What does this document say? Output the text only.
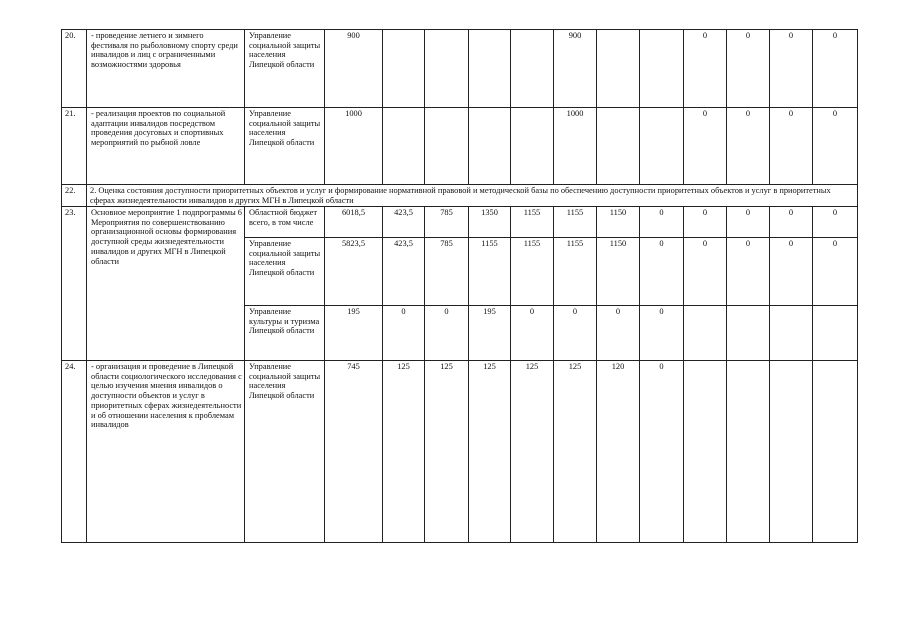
20.	- проведение летнего и зимнего фестиваля по рыболовному спорту среди инвалидов и лиц с ограниченными возможностями здоровья	Управление социальной защиты населения Липецкой области	900					900			0	0	0	0
21.	- реализация проектов по социальной адаптации инвалидов посредством проведения досуговых и спортивных мероприятий по рыбной ловле	Управление социальной защиты населения Липецкой области	1000					1000			0	0	0	0
22.	2. Оценка состояния доступности приоритетных объектов и услуг и формирование нормативной правовой и методической базы по обеспечению доступности приоритетных объектов и услуг в приоритетных сферах жизнедеятельности инвалидов и других МГН в Липецкой области													
23.	Основное мероприятие 1 подпрограммы 6 Мероприятия по совершенствованию организационной основы формирования доступной среды жизнедеятельности инвалидов и других МГН в Липецкой области	Областной бюджет всего, в том числе	6018,5	423,5	785	1350	1155	1155	1150	0	0	0	0	0
		Управление социальной защиты населения Липецкой области	5823,5	423,5	785	1155	1155	1155	1150	0	0	0	0	0
		Управление культуры и туризма Липецкой области	195	0	0	195	0	0	0	0				
24.	- организация и проведение в Липецкой области социологического исследования с целью изучения мнения инвалидов о доступности объектов и услуг в приоритетных сферах жизнедеятельности и об отношении населения к проблемам инвалидов	Управление социальной защиты населения Липецкой области	745	125	125	125	125	125	120	0				
